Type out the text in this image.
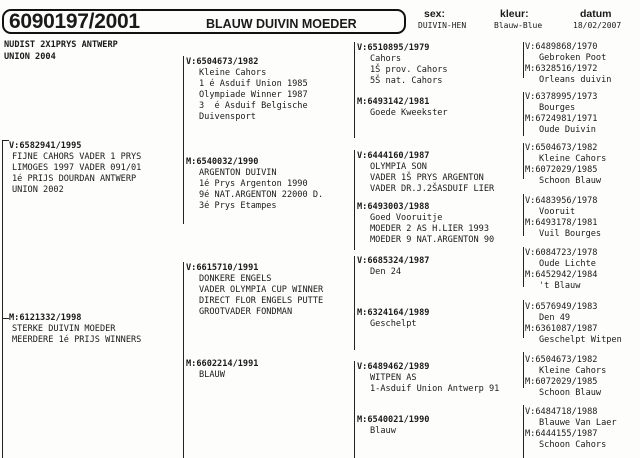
6090197/2001	BLAUW DUIVIN MOEDER
sex:
DUIVIN-HEN
kleur:
Blauw-Blue
datum
18/02/2007
NUDIST 2X1PRYS ANTWERP
UNION 2004
V:6582941/1995
FIJNE CAHORS VADER 1 PRYS
LIMOGES 1997 VADER 091/01
1é PRIJS DOURDAN ANTWERP
UNION 2002
M:6121332/1998
STERKE DUIVIN MOEDER
MEERDERE 1é PRIJS WINNERS
V:6504673/1982
Kleine Cahors
1 é Asduif Union 1985
Olympiade Winner 1987
3  é Asduif Belgische
Duivensport
M:6540032/1990
ARGENTON DUIVIN
1é Prys Argenton 1990
9é NAT.ARGENTON 22000 D.
3é Prys Etampes
V:6615710/1991
DONKERE ENGELS
VADER OLYMPIA CUP WINNER
DIRECT FLOR ENGELS PUTTE
GROOTVADER FONDMAN
M:6602214/1991
BLAUW
V:6510895/1979
Cahors
1Š prov. Cahors
5Š nat. Cahors
M:6493142/1981
Goede Kweekster
V:6444160/1987
OLYMPIA SON
VADER 1Š PRYS ARGENTON
VADER DR.J.2ŠASDUIF LIER
M:6493003/1988
Goed Vooruitje
MOEDER 2 AS H.LIER 1993
MOEDER 9 NAT.ARGENTON 90
V:6685324/1987
Den 24
M:6324164/1989
Geschelpt
V:6489462/1989
WITPEN AS
1-Asduif Union Antwerp 91
M:6540021/1990
Blauw
V:6489868/1970
Gebroken Poot
M:6328516/1972
Orleans duivin
V:6378995/1973
Bourges
M:6724981/1971
Oude Duivin
V:6504673/1982
Kleine Cahors
M:6072029/1985
Schoon Blauw
V:6483956/1978
Vooruit
M:6493178/1981
Vuil Bourges
V:6084723/1978
Oude Lichte
M:6452942/1984
't Blauw
V:6576949/1983
Den 49
M:6361087/1987
Geschelpt Witpen
V:6504673/1982
Kleine Cahors
M:6072029/1985
Schoon Blauw
V:6484718/1988
Blauwe Van Laer
M:6444155/1987
Schoon Cahors
